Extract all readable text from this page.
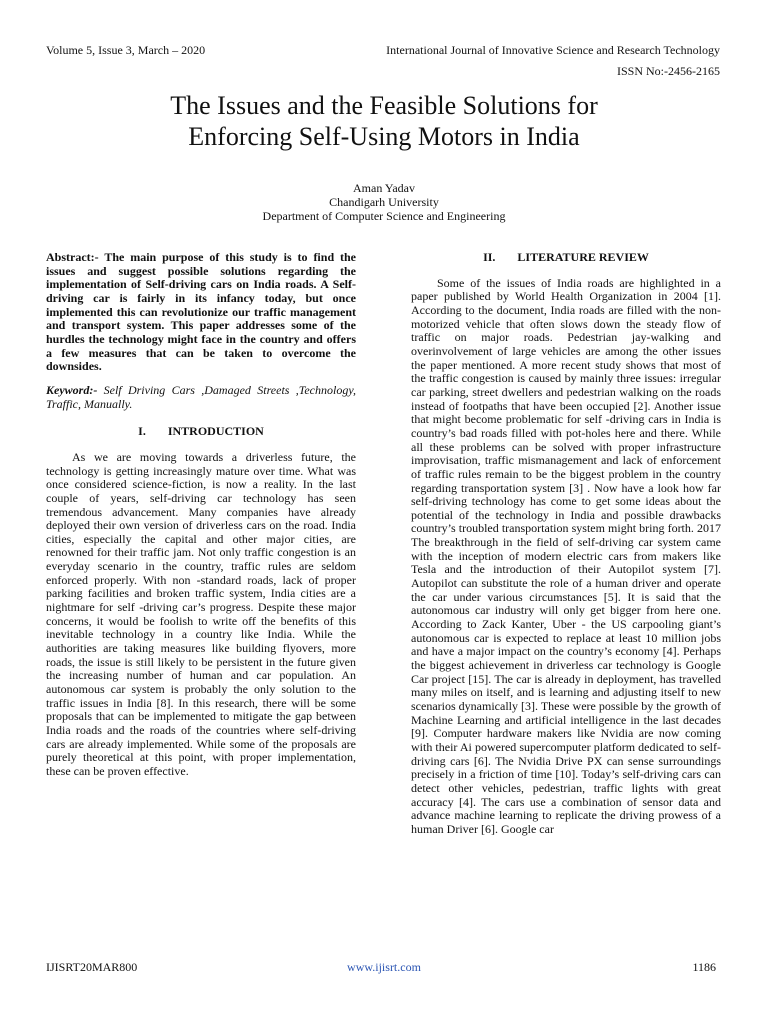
Volume 5, Issue 3, March – 2020	International Journal of Innovative Science and Research Technology
ISSN No:-2456-2165
The Issues and the Feasible Solutions for
Enforcing Self-Using Motors in India
Aman Yadav
Chandigarh University
Department of Computer Science and Engineering

Abstract:- The main purpose of this study is to find the issues and suggest possible solutions regarding the implementation of Self-driving cars on India roads. A Self-driving car is fairly in its infancy today, but once implemented this can revolutionize our traffic management and transport system. This paper addresses some of the hurdles the technology might face in the country and offers a few measures that can be taken to overcome the downsides.

Keyword:- Self Driving Cars ,Damaged Streets ,Technology, Traffic, Manually.

I. INTRODUCTION

As we are moving towards a driverless future, the technology is getting increasingly mature over time. What was once considered science-fiction, is now a reality. In the last couple of years, self-driving car technology has seen tremendous advancement. Many companies have already deployed their own version of driverless cars on the road. India cities, especially the capital and other major cities, are renowned for their traffic jam. Not only traffic congestion is an everyday scenario in the country, traffic rules are seldom enforced properly. With non -standard roads, lack of proper parking facilities and broken traffic system, India cities are a nightmare for self -driving car’s progress. Despite these major concerns, it would be foolish to write off the benefits of this inevitable technology in a country like India. While the authorities are taking measures like building flyovers, more roads, the issue is still likely to be persistent in the future given the increasing number of human and car population. An autonomous car system is probably the only solution to the traffic issues in India [8]. In this research, there will be some proposals that can be implemented to mitigate the gap between India roads and the roads of the countries where self-driving cars are already implemented. While some of the proposals are purely theoretical at this point, with proper implementation, these can be proven effective.

II. LITERATURE REVIEW

Some of the issues of India roads are highlighted in a paper published by World Health Organization in 2004 [1]. According to the document, India roads are filled with the non-motorized vehicle that often slows down the steady flow of traffic on major roads. Pedestrian jay-walking and overinvolvement of large vehicles are among the other issues the paper mentioned. A more recent study shows that most of the traffic congestion is caused by mainly three issues: irregular car parking, street dwellers and pedestrian walking on the roads instead of footpaths that have been occupied [2]. Another issue that might become problematic for self -driving cars in India is country’s bad roads filled with pot-holes here and there. While all these problems can be solved with proper infrastructure improvisation, traffic mismanagement and lack of enforcement of traffic rules remain to be the biggest problem in the country regarding transportation system [3] . Now have a look how far self-driving technology has come to get some ideas about the potential of the technology in India and possible drawbacks country’s troubled transportation system might bring forth. 2017 The breakthrough in the field of self-driving car system came with the inception of modern electric cars from makers like Tesla and the introduction of their Autopilot system [7]. Autopilot can substitute the role of a human driver and operate the car under various circumstances [5]. It is said that the autonomous car industry will only get bigger from here one. According to Zack Kanter, Uber - the US carpooling giant’s autonomous car is expected to replace at least 10 million jobs and have a major impact on the country’s economy [4]. Perhaps the biggest achievement in driverless car technology is Google Car project [15]. The car is already in deployment, has travelled many miles on itself, and is learning and adjusting itself to new scenarios dynamically [3]. These were possible by the growth of Machine Learning and artificial intelligence in the last decades [9]. Computer hardware makers like Nvidia are now coming with their Ai powered supercomputer platform dedicated to self-driving cars [6]. The Nvidia Drive PX can sense surroundings precisely in a friction of time [10]. Today’s self-driving cars can detect other vehicles, pedestrian, traffic lights with great accuracy [4]. The cars use a combination of sensor data and advance machine learning to replicate the driving prowess of a human Driver [6]. Google car

IJISRT20MAR800	www.ijisrt.com	1186
